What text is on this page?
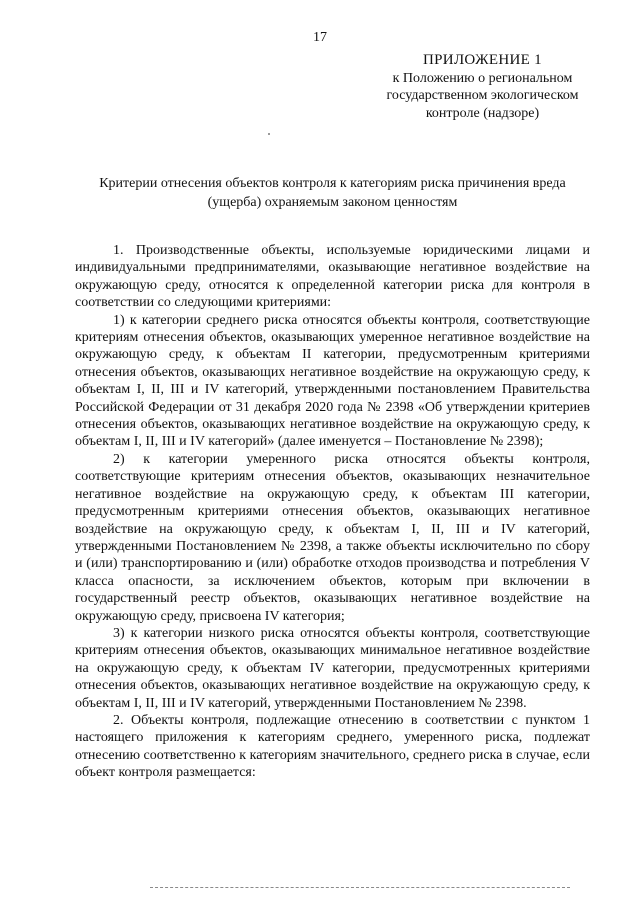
17
ПРИЛОЖЕНИЕ 1
к Положению о региональном
государственном экологическом
контроле (надзоре)
Критерии отнесения объектов контроля к категориям риска причинения вреда
(ущерба) охраняемым законом ценностям

1. Производственные объекты, используемые юридическими лицами и индивидуальными предпринимателями, оказывающие негативное воздействие на окружающую среду, относятся к определенной категории риска для контроля в соответствии со следующими критериями:

1) к категории среднего риска относятся объекты контроля, соответствующие критериям отнесения объектов, оказывающих умеренное негативное воздействие на окружающую среду, к объектам II категории, предусмотренным критериями отнесения объектов, оказывающих негативное воздействие на окружающую среду, к объектам I, II, III и IV категорий, утвержденными постановлением Правительства Российской Федерации от 31 декабря 2020 года № 2398 «Об утверждении критериев отнесения объектов, оказывающих негативное воздействие на окружающую среду, к объектам I, II, III и IV категорий» (далее именуется – Постановление № 2398);

2) к категории умеренного риска относятся объекты контроля, соответствующие критериям отнесения объектов, оказывающих незначительное негативное воздействие на окружающую среду, к объектам III категории, предусмотренным критериями отнесения объектов, оказывающих негативное воздействие на окружающую среду, к объектам I, II, III и IV категорий, утвержденными Постановлением № 2398, а также объекты исключительно по сбору и (или) транспортированию и (или) обработке отходов производства и потребления V класса опасности, за исключением объектов, которым при включении в государственный реестр объектов, оказывающих негативное воздействие на окружающую среду, присвоена IV категория;

3) к категории низкого риска относятся объекты контроля, соответствующие критериям отнесения объектов, оказывающих минимальное негативное воздействие на окружающую среду, к объектам IV категории, предусмотренных критериями отнесения объектов, оказывающих негативное воздействие на окружающую среду, к объектам I, II, III и IV категорий, утвержденными Постановлением № 2398.

2. Объекты контроля, подлежащие отнесению в соответствии с пунктом 1 настоящего приложения к категориям среднего, умеренного риска, подлежат отнесению соответственно к категориям значительного, среднего риска в случае, если объект контроля размещается:
